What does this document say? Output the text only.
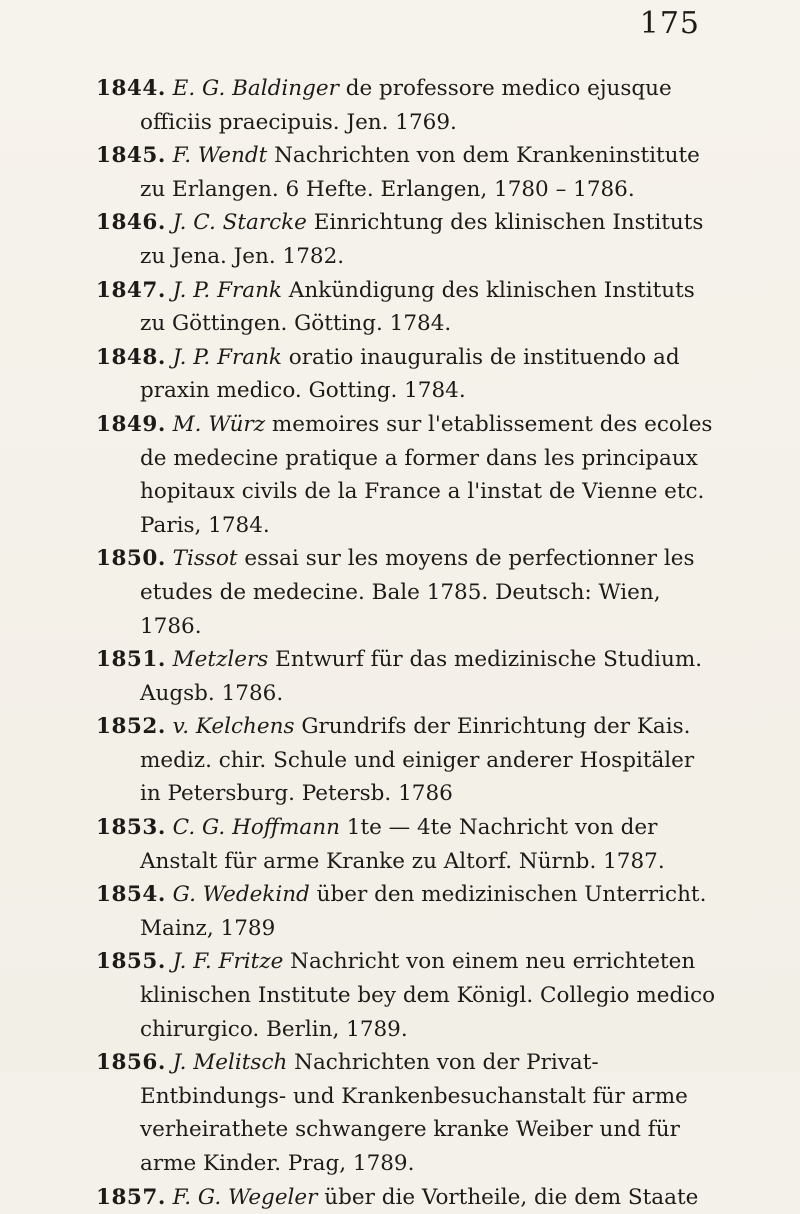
175

1844. E. G. Baldinger de professore medico ejusque officiis praecipuis. Jen. 1769.

1845. F. Wendt Nachrichten von dem Krankeninstitute zu Erlangen. 6 Hefte. Erlangen, 1780 – 1786.

1846. J. C. Starcke Einrichtung des klinischen Instituts zu Jena. Jen. 1782.

1847. J. P. Frank Ankündigung des klinischen Instituts zu Göttingen. Götting. 1784.

1848. J. P. Frank oratio inauguralis de instituendo ad praxin medico. Gotting. 1784.

1849. M. Würz memoires sur l'etablissement des ecoles de medecine pratique a former dans les principaux hopitaux civils de la France a l'instat de Vienne etc. Paris, 1784.

1850. Tissot essai sur les moyens de perfectionner les etudes de medecine. Bale 1785. Deutsch: Wien, 1786.

1851. Metzlers Entwurf für das medizinische Studium. Augsb. 1786.

1852. v. Kelchens Grundrifs der Einrichtung der Kais. mediz. chir. Schule und einiger anderer Hospitäler in Petersburg. Petersb. 1786

1853. C. G. Hoffmann 1te — 4te Nachricht von der Anstalt für arme Kranke zu Altorf. Nürnb. 1787.

1854. G. Wedekind über den medizinischen Unterricht. Mainz, 1789

1855. J. F. Fritze Nachricht von einem neu errichteten klinischen Institute bey dem Königl. Collegio medico chirurgico. Berlin, 1789.

1856. J. Melitsch Nachrichten von der Privat-Entbindungs- und Krankenbesuchanstalt für arme verheirathete schwangere kranke Weiber und für arme Kinder. Prag, 1789.

1857. F. G. Wegeler über die Vortheile, die dem Staate
